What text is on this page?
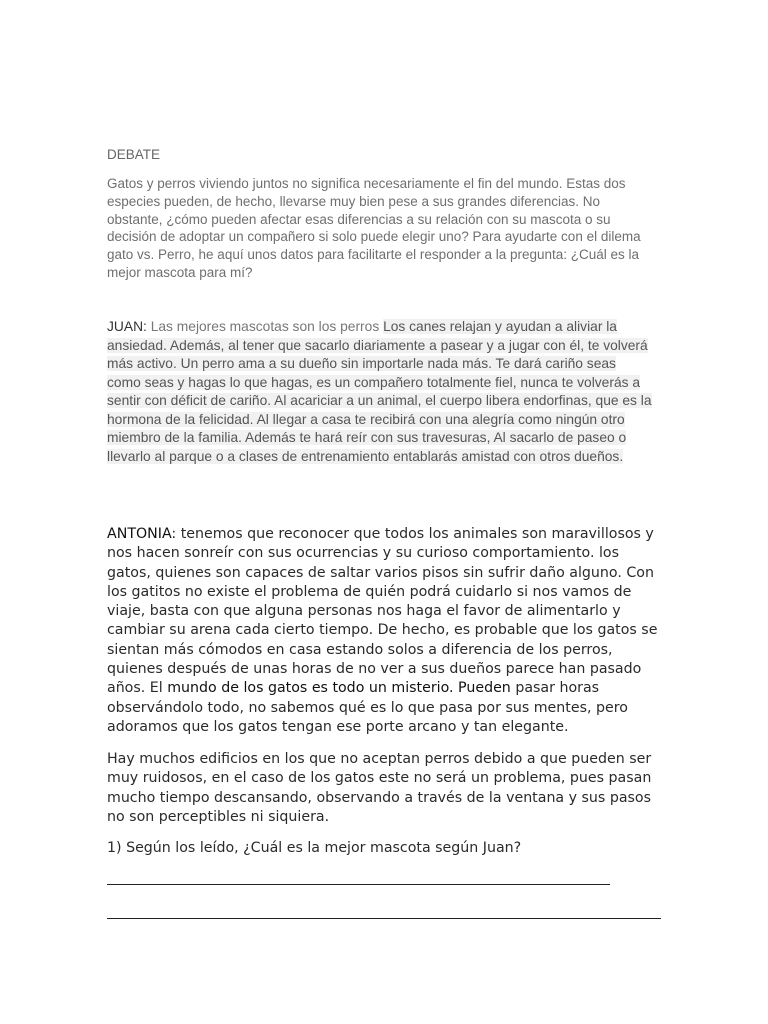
DEBATE

Gatos y perros viviendo juntos no significa necesariamente el fin del mundo. Estas dos especies pueden, de hecho, llevarse muy bien pese a sus grandes diferencias. No obstante, ¿cómo pueden afectar esas diferencias a su relación con su mascota o su decisión de adoptar un compañero si solo puede elegir uno? Para ayudarte con el dilema gato vs. Perro, he aquí unos datos para facilitarte el responder a la pregunta: ¿Cuál es la mejor mascota para mí?

JUAN: Las mejores mascotas son los perros Los canes relajan y ayudan a aliviar la ansiedad. Además, al tener que sacarlo diariamente a pasear y a jugar con él, te volverá más activo. Un perro ama a su dueño sin importarle nada más. Te dará cariño seas como seas y hagas lo que hagas, es un compañero totalmente fiel, nunca te volverás a sentir con déficit de cariño. Al acariciar a un animal, el cuerpo libera endorfinas, que es la hormona de la felicidad. Al llegar a casa te recibirá con una alegría como ningún otro miembro de la familia. Además te hará reír con sus travesuras, Al sacarlo de paseo o llevarlo al parque o a clases de entrenamiento entablarás amistad con otros dueños.

ANTONIA: tenemos que reconocer que todos los animales son maravillosos y nos hacen sonreír con sus ocurrencias y su curioso comportamiento. los gatos, quienes son capaces de saltar varios pisos sin sufrir daño alguno. Con los gatitos no existe el problema de quién podrá cuidarlo si nos vamos de viaje, basta con que alguna personas nos haga el favor de alimentarlo y cambiar su arena cada cierto tiempo. De hecho, es probable que los gatos se sientan más cómodos en casa estando solos a diferencia de los perros, quienes después de unas horas de no ver a sus dueños parece han pasado años. El mundo de los gatos es todo un misterio. Pueden pasar horas observándolo todo, no sabemos qué es lo que pasa por sus mentes, pero adoramos que los gatos tengan ese porte arcano y tan elegante.

Hay muchos edificios en los que no aceptan perros debido a que pueden ser muy ruidosos, en el caso de los gatos este no será un problema, pues pasan mucho tiempo descansando, observando a través de la ventana y sus pasos no son perceptibles ni siquiera.

1) Según los leído, ¿Cuál es la mejor mascota según Juan?
